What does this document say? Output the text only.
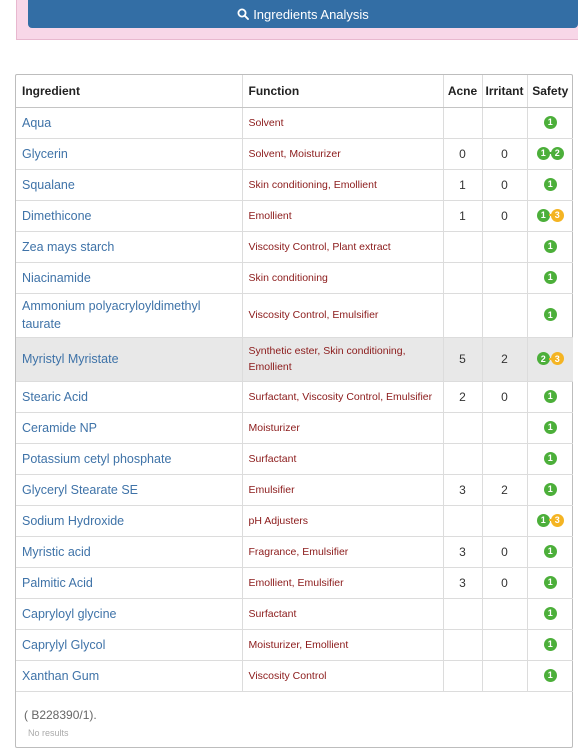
Ingredients Analysis
Ingredient	Function	Acne	Irritant	Safety
Aqua	Solvent			1
Glycerin	Solvent, Moisturizer	0	0	1 2
Squalane	Skin conditioning, Emollient	1	0	1
Dimethicone	Emollient	1	0	1 3
Zea mays starch	Viscosity Control, Plant extract			1
Niacinamide	Skin conditioning			1
Ammonium polyacryloyldimethyl taurate	Viscosity Control, Emulsifier			1
Myristyl Myristate	Synthetic ester, Skin conditioning, Emollient	5	2	2 3
Stearic Acid	Surfactant, Viscosity Control, Emulsifier	2	0	1
Ceramide NP	Moisturizer			1
Potassium cetyl phosphate	Surfactant			1
Glyceryl Stearate SE	Emulsifier	3	2	1
Sodium Hydroxide	pH Adjusters			1 3
Myristic acid	Fragrance, Emulsifier	3	0	1
Palmitic Acid	Emollient, Emulsifier	3	0	1
Capryloyl glycine	Surfactant			1
Caprylyl Glycol	Moisturizer, Emollient			1
Xanthan Gum	Viscosity Control			1
( B228390/1).
No results
